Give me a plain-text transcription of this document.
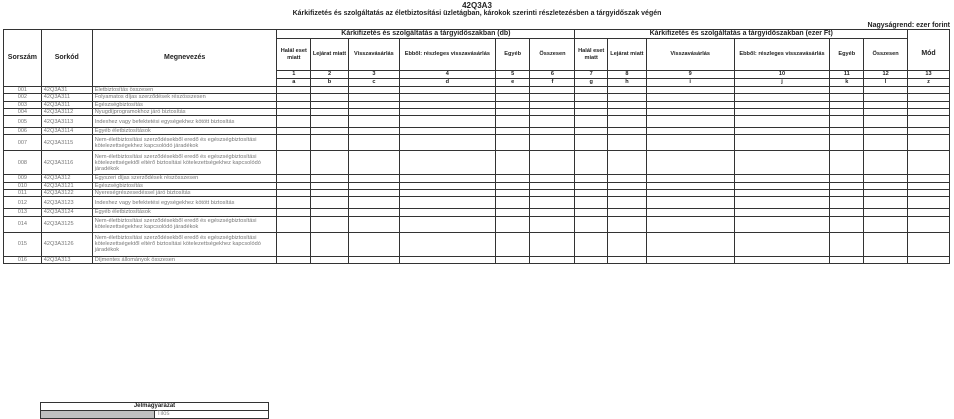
42Q3A3
Kárkifizetés és szolgáltatás az életbiztosítási üzletágban, károkok szerinti részletezésben a tárgyidőszak végén
Nagyságrend: ezer forint
Sorszám	Sorkód	Megnevezés	Kárkifizetés és szolgáltatás a tárgyidőszakban (db)						Kárkifizetés és szolgáltatás a tárgyidőszakban (ezer Ft)						
			Halál eset miatt	Lejárat miatt	Visszavásárlás	Ebből: részleges visszavásárlás	Egyéb	Összesen	Halál eset miatt	Lejárat miatt	Visszavásárlás	Ebből: részleges visszavásárlás	Egyéb	Összesen	Mód
			1	2	3	4	5	6	7	8	9	10	11	12	13
			a	b	c	d	e	f	g	h	i	j	k	l	z
001	42Q3A31	Életbiztosítás összesen													
002	42Q3A311	Folyamatos díjas szerződések részösszesen													
003	42Q3A311	Egészségbiztosítás													
004	42Q3A3112	Nyugdíjprogramokhoz járó biztosítás													
005	42Q3A3113	Indexhez vagy befektetési egységekhez kötött biztosítás													
006	42Q3A3114	Egyéb életbiztosítások													
007	42Q3A3115	Nem-életbiztosítási szerződésekből eredő és egészségbiztosítási kötelezettségekhez kapcsolódó járadékok													
008	42Q3A3116	Nem-életbiztosítási szerződésekből eredő és egészségbiztosítási kötelezettségektől eltérő biztosítási kötelezettségekhez kapcsolódó járadékok													
009	42Q3A312	Egyszeri díjas szerződések részösszesen													
010	42Q3A3121	Egészségbiztosítás													
011	42Q3A3122	Nyereségrészesedéssel járó biztosítás													
012	42Q3A3123	Indexhez vagy befektetési egységekhez kötött biztosítás													
013	42Q3A3124	Egyéb életbiztosítások													
014	42Q3A3125	Nem-életbiztosítási szerződésekből eredő és egészségbiztosítási kötelezettségekhez kapcsolódó járadékok													
015	42Q3A3126	Nem-életbiztosítási szerződésekből eredő és egészségbiztosítási kötelezettségektől eltérő biztosítási kötelezettségekhez kapcsolódó járadékok													
016	42Q3A313	Díjmentes állományok összesen													
Jelmagyarázat
	Tilos
